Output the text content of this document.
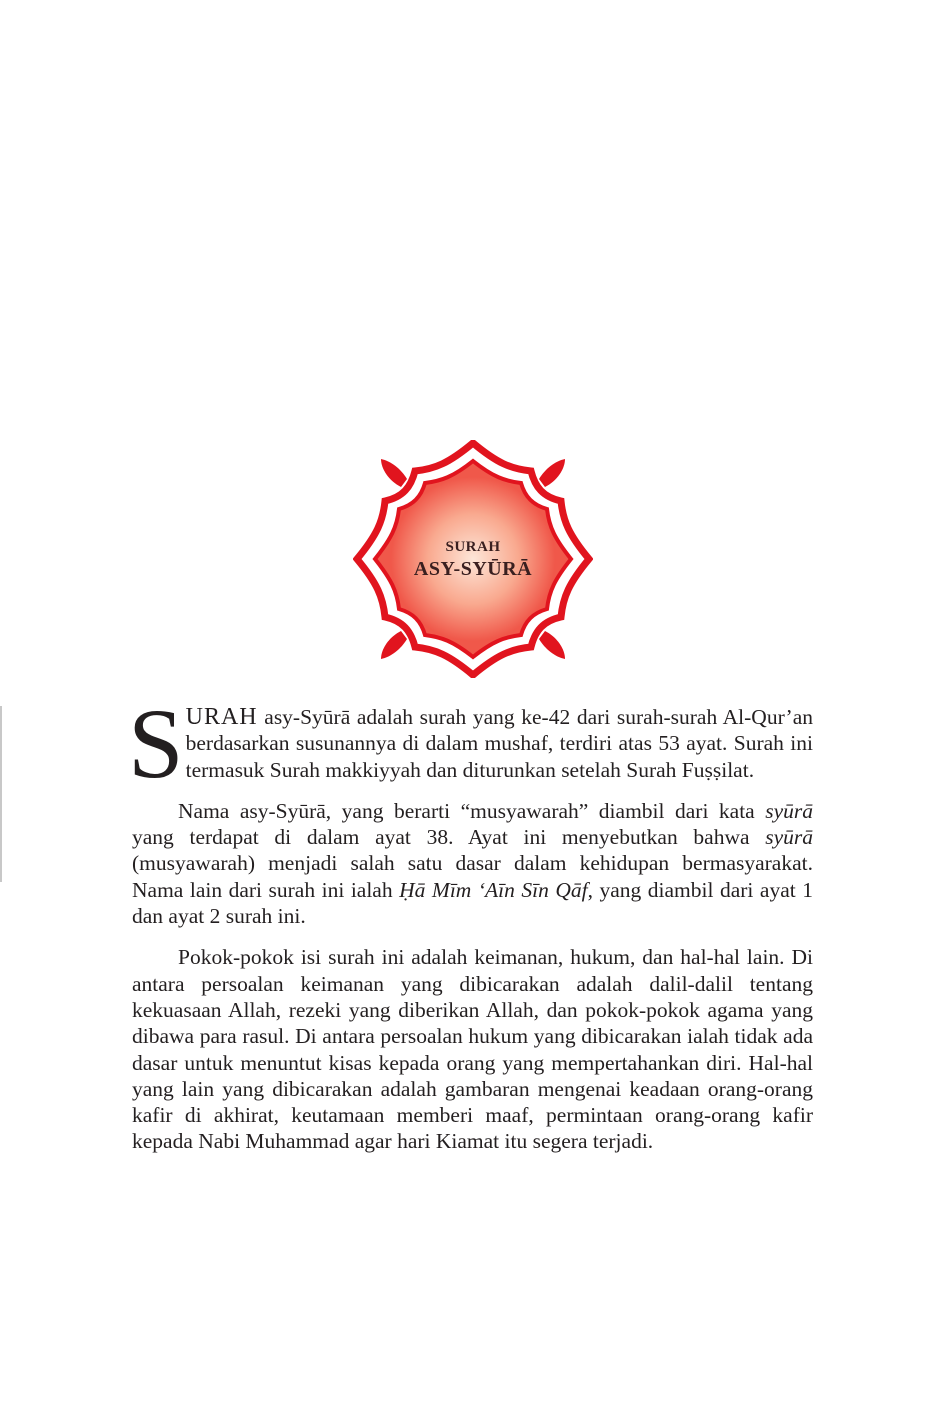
SURAH
ASY-SYŪRĀ

SURAH asy-Syūrā adalah surah yang ke-42 dari surah-surah Al-Qur’an berdasarkan susunannya di dalam mushaf, terdiri atas 53 ayat. Surah ini termasuk Surah makkiyyah dan diturunkan setelah Surah Fuṣṣilat.

Nama asy-Syūrā, yang berarti “musyawarah” diambil dari kata syūrā yang terdapat di dalam ayat 38. Ayat ini menyebutkan bahwa syūrā (musyawarah) menjadi salah satu dasar dalam kehidupan bermasyarakat. Nama lain dari surah ini ialah Ḥā Mīm ‘Aīn Sīn Qāf, yang diambil dari ayat 1 dan ayat 2 surah ini.

Pokok-pokok isi surah ini adalah keimanan, hukum, dan hal-hal lain. Di antara persoalan keimanan yang dibicarakan adalah dalil-dalil tentang kekuasaan Allah, rezeki yang diberikan Allah, dan pokok-pokok agama yang dibawa para rasul. Di antara persoalan hukum yang dibicarakan ialah tidak ada dasar untuk menuntut kisas kepada orang yang mempertahankan diri. Hal-hal yang lain yang dibicarakan adalah gambaran mengenai keadaan orang-orang kafir di akhirat, keutamaan memberi maaf, permintaan orang-orang kafir kepada Nabi Muhammad agar hari Kiamat itu segera terjadi.
